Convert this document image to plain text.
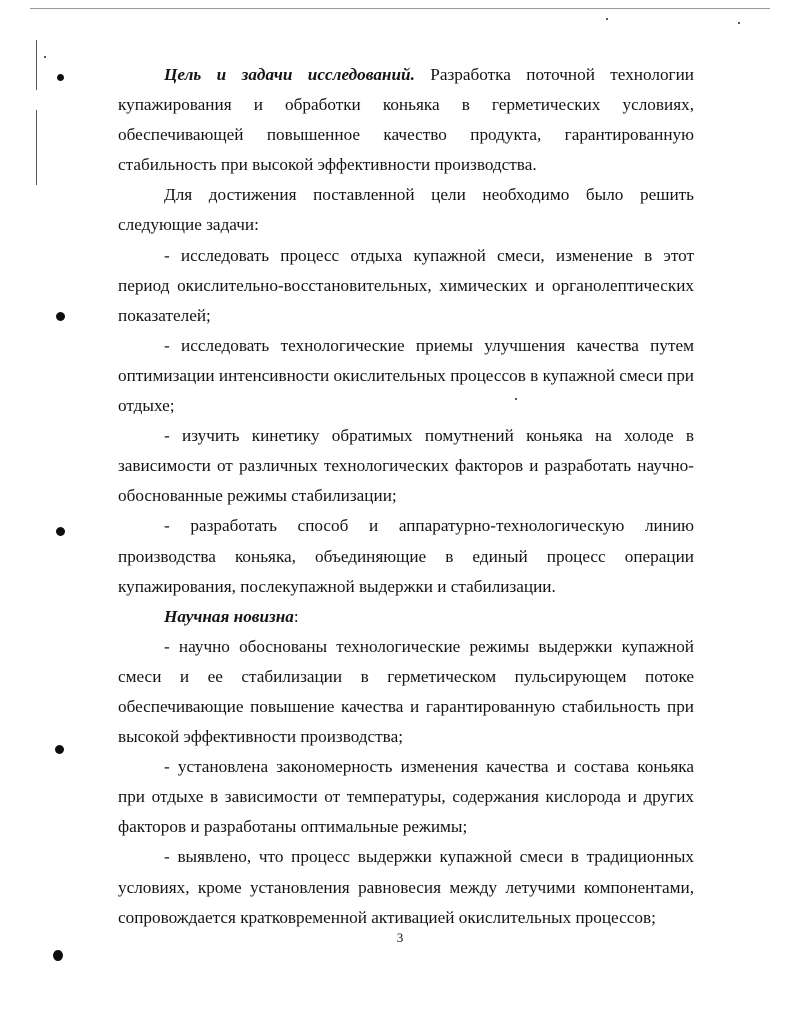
Цель и задачи исследований. Разработка поточной технологии купажирования и обработки коньяка в герметических условиях, обеспечивающей повышенное качество продукта, гарантированную стабильность при высокой эффективности производства.

Для достижения поставленной цели необходимо было решить следующие задачи:

- исследовать процесс отдыха купажной смеси, изменение в этот период окислительно-восстановительных, химических и органолептических показателей;

- исследовать технологические приемы улучшения качества путем оптимизации интенсивности окислительных процессов в купажной смеси при отдыхе;

- изучить кинетику обратимых помутнений коньяка на холоде в зависимости от различных технологических факторов и разработать научно-обоснованные режимы стабилизации;

- разработать способ и аппаратурно-технологическую линию производства коньяка, объединяющие в единый процесс операции купажирования, послекупажной выдержки и стабилизации.

Научная новизна:

- научно обоснованы технологические режимы выдержки купажной смеси и ее стабилизации в герметическом пульсирующем потоке обеспечивающие повышение качества и гарантированную стабильность при высокой эффективности производства;

- установлена закономерность изменения качества и состава коньяка при отдыхе в зависимости от температуры, содержания кислорода и других факторов и разработаны оптимальные режимы;

- выявлено, что процесс выдержки купажной смеси в традиционных условиях, кроме установления равновесия между летучими компонентами, сопровождается кратковременной активацией окислительных процессов;

3
